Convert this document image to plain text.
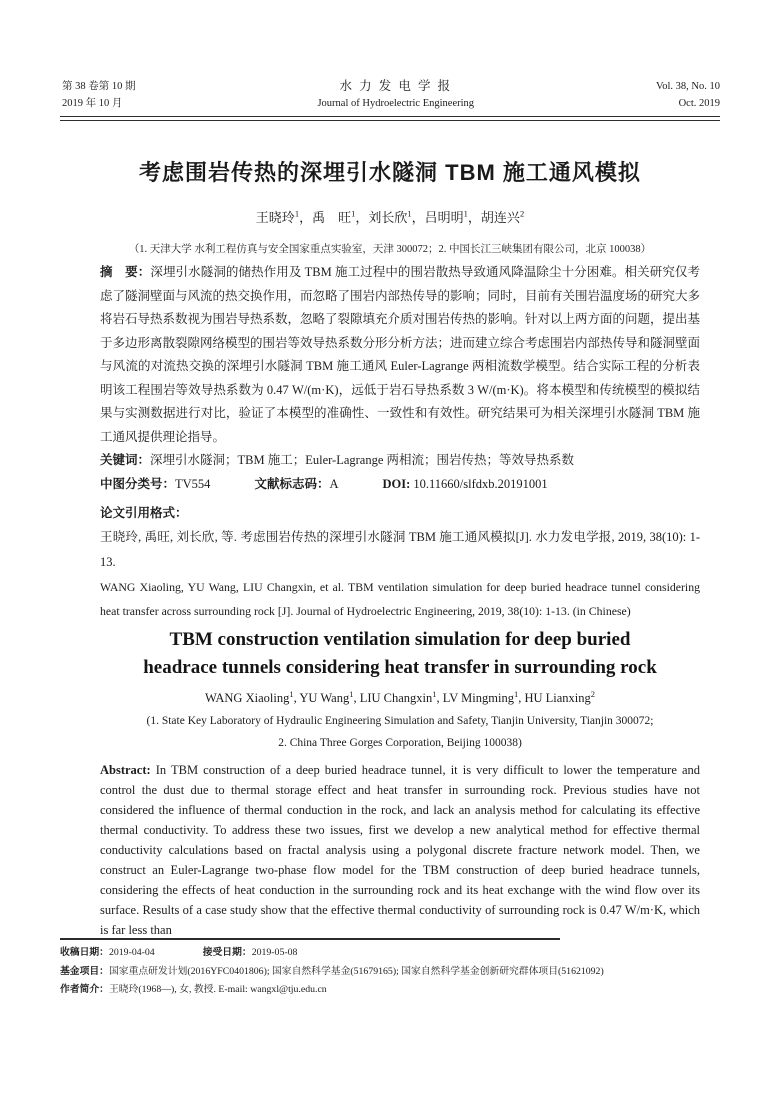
第 38 卷第 10 期
2019 年 10 月
水 力 发 电 学 报
Journal of Hydroelectric Engineering
Vol. 38, No. 10
Oct. 2019
考虑围岩传热的深埋引水隧洞 TBM 施工通风模拟
王晓玲$^1$，禹　旺$^1$，刘长欣$^1$，吕明明$^1$，胡连兴$^2$
（1. 天津大学 水利工程仿真与安全国家重点实验室，天津 300072；2. 中国长江三峡集团有限公司，北京 100038）

摘　要：深埋引水隧洞的储热作用及 TBM 施工过程中的围岩散热导致通风降温除尘十分困难。相关研究仅考虑了隧洞壁面与风流的热交换作用，而忽略了围岩内部热传导的影响；同时，目前有关围岩温度场的研究大多将岩石导热系数视为围岩导热系数，忽略了裂隙填充介质对围岩传热的影响。针对以上两方面的问题，提出基于多边形离散裂隙网络模型的围岩等效导热系数分形分析方法；进而建立综合考虑围岩内部热传导和隧洞壁面与风流的对流热交换的深埋引水隧洞 TBM 施工通风 Euler-Lagrange 两相流数学模型。结合实际工程的分析表明该工程围岩等效导热系数为 0.47 W/(m·K)，远低于岩石导热系数 3 W/(m·K)。将本模型和传统模型的模拟结果与实测数据进行对比，验证了本模型的准确性、一致性和有效性。研究结果可为相关深埋引水隧洞 TBM 施工通风提供理论指导。

关键词：深埋引水隧洞；TBM 施工；Euler-Lagrange 两相流；围岩传热；等效导热系数

中图分类号：TV554	文献标志码：A	DOI: 10.11660/slfdxb.20191001

论文引用格式：

王晓玲, 禹旺, 刘长欣, 等. 考虑围岩传热的深埋引水隧洞 TBM 施工通风模拟[J]. 水力发电学报, 2019, 38(10): 1-13.

WANG Xiaoling, YU Wang, LIU Changxin, et al. TBM ventilation simulation for deep buried headrace tunnel considering heat transfer across surrounding rock [J]. Journal of Hydroelectric Engineering, 2019, 38(10): 1-13. (in Chinese)

TBM construction ventilation simulation for deep buried
headrace tunnels considering heat transfer in surrounding rock
WANG Xiaoling$^1$, YU Wang$^1$, LIU Changxin$^1$, LV Mingming$^1$, HU Lianxing$^2$
(1. State Key Laboratory of Hydraulic Engineering Simulation and Safety, Tianjin University, Tianjin 300072;
2. China Three Gorges Corporation, Beijing 100038)

Abstract: In TBM construction of a deep buried headrace tunnel, it is very difficult to lower the temperature and control the dust due to thermal storage effect and heat transfer in surrounding rock. Previous studies have not considered the influence of thermal conduction in the rock, and lack an analysis method for calculating its effective thermal conductivity. To address these two issues, first we develop a new analytical method for effective thermal conductivity calculations based on fractal analysis using a polygonal discrete fracture network model. Then, we construct an Euler-Lagrange two-phase flow model for the TBM construction of deep buried headrace tunnels, considering the effects of heat conduction in the surrounding rock and its heat exchange with the wind flow over its surface. Results of a case study show that the effective thermal conductivity of surrounding rock is 0.47 W/m·K, which is far less than

收稿日期：2019-04-04	接受日期：2019-05-08

基金项目：国家重点研发计划(2016YFC0401806); 国家自然科学基金(51679165); 国家自然科学基金创新研究群体项目(51621092)

作者简介：王晓玲(1968—), 女, 教授. E-mail: wangxl@tju.edu.cn
